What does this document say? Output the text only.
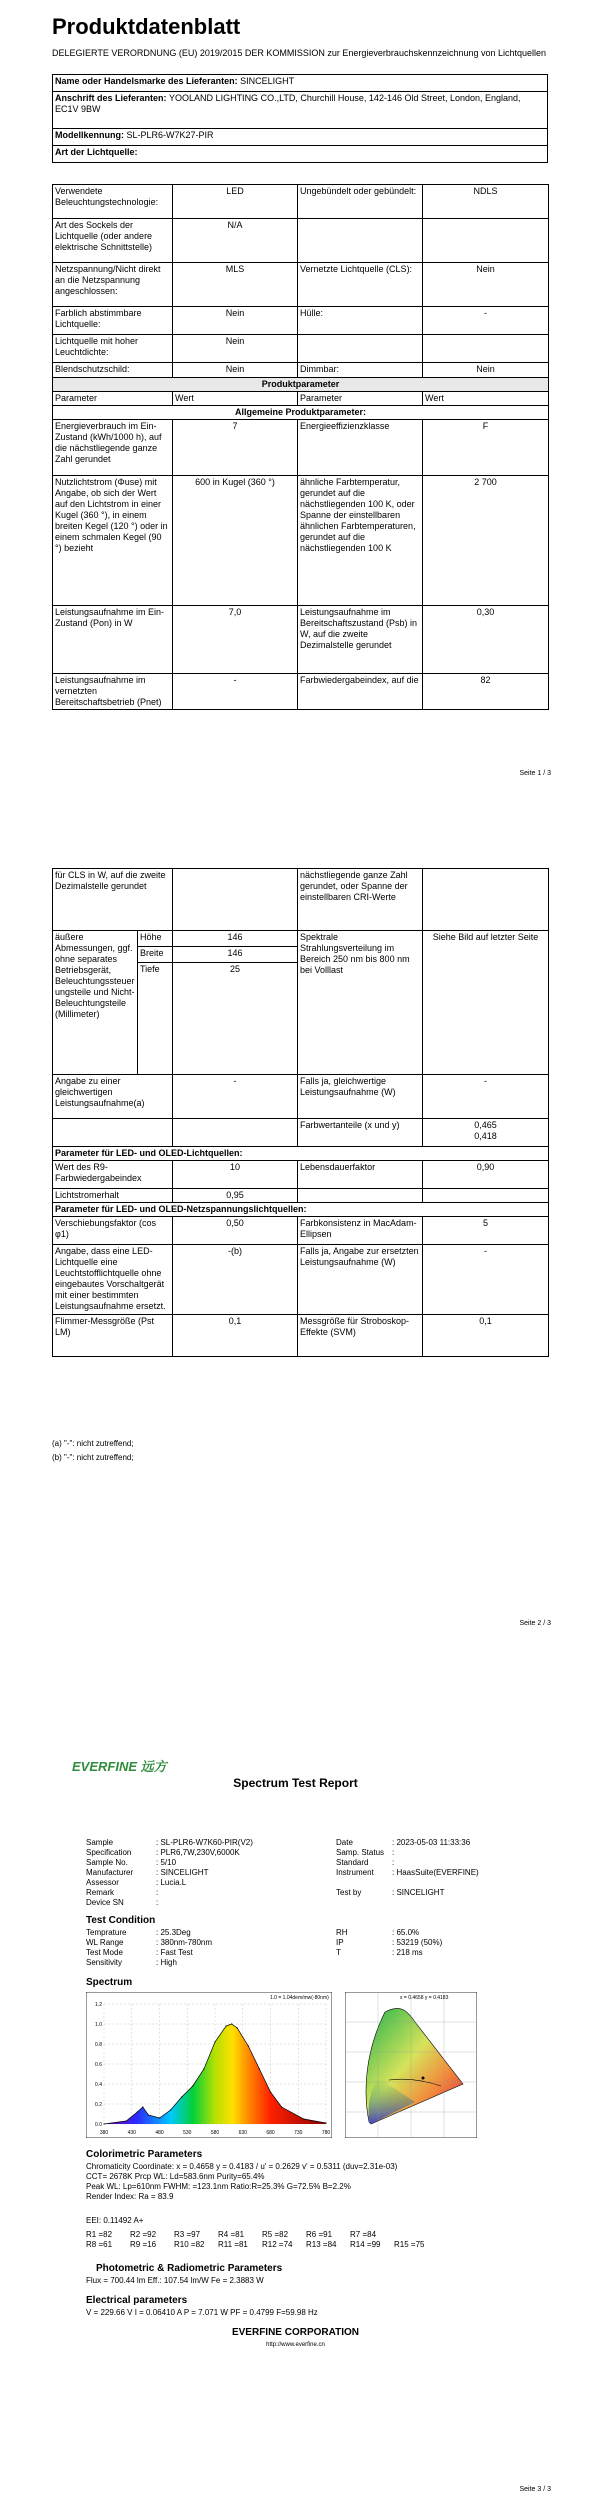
Produktdatenblatt
DELEGIERTE VERORDNUNG (EU) 2019/2015 DER KOMMISSION zur Energieverbrauchskennzeichnung von Lichtquellen
Name oder Handelsmarke des Lieferanten: SINCELIGHT
Anschrift des Lieferanten: YOOLAND LIGHTING CO.,LTD, Churchill House, 142-146 Old Street, London, England, EC1V 9BW
Modellkennung: SL-PLR6-W7K27-PIR
Art der Lichtquelle:
Verwendete Beleuchtungstechnologie:	LED	Ungebündelt oder gebündelt:	NDLS
Art des Sockels der Lichtquelle (oder andere elektrische Schnittstelle)	N/A		
Netzspannung/Nicht direkt an die Netzspannung angeschlossen:	MLS	Vernetzte Lichtquelle (CLS):	Nein
Farblich abstimmbare Lichtquelle:	Nein	Hülle:	-
Lichtquelle mit hoher Leuchtdichte:	Nein		
Blendschutzschild:	Nein	Dimmbar:	Nein
Produktparameter			
Parameter	Wert	Parameter	Wert
Allgemeine Produktparameter:			
Energieverbrauch im Ein-Zustand (kWh/1000 h), auf die nächstliegende ganze Zahl gerundet	7	Energieeffizienzklasse	F
Nutzlichtstrom (Φuse) mit Angabe, ob sich der Wert auf den Lichtstrom in einer Kugel (360 °), in einem breiten Kegel (120 °) oder in einem schmalen Kegel (90 °) bezieht	600 in Kugel (360 °)	ähnliche Farbtemperatur, gerundet auf die nächstliegenden 100 K, oder Spanne der einstellbaren ähnlichen Farbtemperaturen, gerundet auf die nächstliegenden 100 K	2 700
Leistungsaufnahme im Ein-Zustand (Pon) in W	7,0	Leistungsaufnahme im Bereitschaftszustand (Psb) in W, auf die zweite Dezimalstelle gerundet	0,30
Leistungsaufnahme im vernetzten Bereitschaftsbetrieb (Pnet)	-	Farbwiedergabeindex, auf die	82
Seite 1 / 3
für CLS in W, auf die zweite Dezimalstelle gerundet			nächstliegende ganze Zahl gerundet, oder Spanne der einstellbaren CRI-Werte	
äußere Abmessungen, ggf. ohne separates Betriebsgerät, Beleuchtungssteuerungsteile und Nicht-Beleuchtungsteile (Millimeter)	Höhe	146	Spektrale Strahlungsverteilung im Bereich 250 nm bis 800 nm bei Volllast	Siehe Bild auf letzter Seite
	Breite	146		
	Tiefe	25		
Angabe zu einer gleichwertigen Leistungsaufnahme(a)		-	Falls ja, gleichwertige Leistungsaufnahme (W)	-
			Farbwertanteile (x und y)	0,465
0,418

Parameter für LED- und OLED-Lichtquellen:				
Wert des R9-Farbwiedergabeindex		10	Lebensdauerfaktor	0,90
Lichtstromerhalt		0,95		
Parameter für LED- und OLED-Netzspannungslichtquellen:				
Verschiebungsfaktor (cos φ1)		0,50	Farbkonsistenz in MacAdam-Ellipsen	5
Angabe, dass eine LED-Lichtquelle eine Leuchtstofflichtquelle ohne eingebautes Vorschaltgerät mit einer bestimmten Leistungsaufnahme ersetzt.		-(b)	Falls ja, Angabe zur ersetzten Leistungsaufnahme (W)	-
Flimmer-Messgröße (Pst LM)		0,1	Messgröße für Stroboskop-Effekte (SVM)	0,1
(a) "-": nicht zutreffend;
(b) "-": nicht zutreffend;
Seite 2 / 3
EVERFINE 远方
Spectrum Test Report
Sample	: SL-PLR6-W7K60-PIR(V2)
Specification	: PLR6,7W,230V,6000K
Sample No.	: 5/10
Manufacturer	: SINCELIGHT
Assessor	: Lucia.L
Remark	:
Device SN	:
Date	: 2023-05-03 11:33:36
Samp. Status :
Standard	:
Instrument : HaasSuite(EVERFINE)
Test by	: SINCELIGHT
Test Condition
Temprature	: 25.3Deg
WL Range	: 380nm-780nm
Test Mode	: Fast Test
Sensitivity	: High
RH	: 65.0%
IP	: 53219 (50%)
T	: 218 ms
Spectrum
380	430	480	530	580	630	680	730	780
0.0
0.2
0.4
0.6
0.8
1.0
1.2
1.0 = 1.04dem/mw(-80nm)	x = 0.4658 y = 0.4183
Colorimetric Parameters
Chromaticity Coordinate: x = 0.4658 y = 0.4183 / u' = 0.2629 v' = 0.5311 (duv=2.31e-03)
CCT= 2678K Prcp WL: Ld=583.6nm Purity=65.4%
Peak WL: Lp=610nm FWHM: =123.1nm Ratio:R=25.3% G=72.5% B=2.2%
Render Index: Ra = 83.9
EEI: 0.11492 A+
R1 =82 R2 =92 R3 =97 R4 =81 R5 =82 R6 =91 R7 =84
R8 =61 R9 =16 R10 =82 R11 =81 R12 =74 R13 =84 R14 =99 R15 =75
Photometric & Radiometric Parameters
Flux = 700.44 lm Eff.: 107.54 lm/W Fe = 2.3883 W
Electrical parameters
V = 229.66 V I = 0.06410 A P = 7.071 W PF = 0.4799 F=59.98 Hz
EVERFINE CORPORATION
http://www.everfine.cn
Seite 3 / 3
